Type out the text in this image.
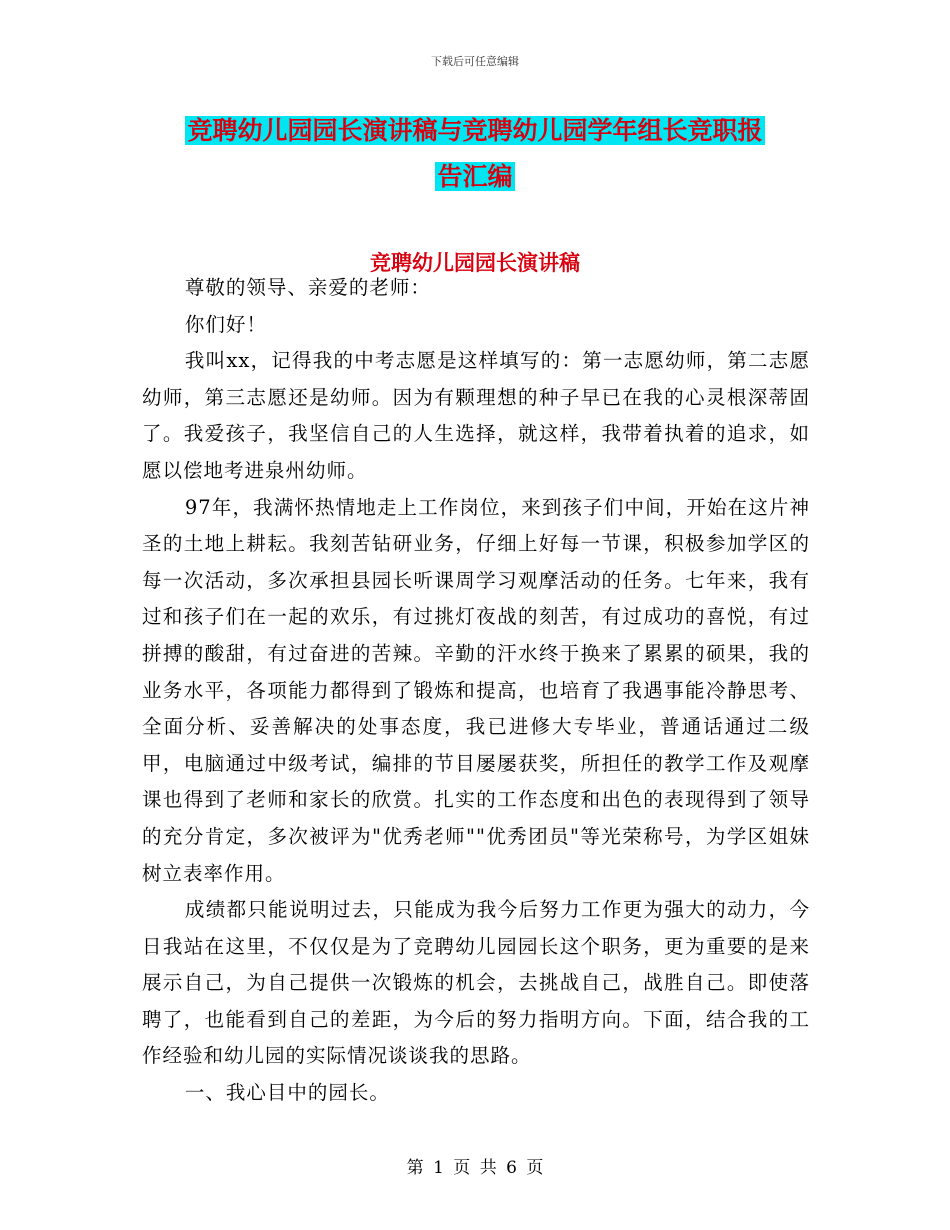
下载后可任意编辑
竞聘幼儿园园长演讲稿与竞聘幼儿园学年组长竞职报
告汇编
竞聘幼儿园园长演讲稿

尊敬的领导、亲爱的老师：

你们好！

我叫xx，记得我的中考志愿是这样填写的：第一志愿幼师，第二志愿幼师，第三志愿还是幼师。因为有颗理想的种子早已在我的心灵根深蒂固了。我爱孩子，我坚信自己的人生选择，就这样，我带着执着的追求，如愿以偿地考进泉州幼师。

97年，我满怀热情地走上工作岗位，来到孩子们中间，开始在这片神圣的土地上耕耘。我刻苦钻研业务，仔细上好每一节课，积极参加学区的每一次活动，多次承担县园长听课周学习观摩活动的任务。七年来，我有过和孩子们在一起的欢乐，有过挑灯夜战的刻苦，有过成功的喜悦，有过拼搏的酸甜，有过奋进的苦辣。辛勤的汗水终于换来了累累的硕果，我的业务水平，各项能力都得到了锻炼和提高，也培育了我遇事能冷静思考、全面分析、妥善解决的处事态度，我已进修大专毕业，普通话通过二级甲，电脑通过中级考试，编排的节目屡屡获奖，所担任的教学工作及观摩课也得到了老师和家长的欣赏。扎实的工作态度和出色的表现得到了领导的充分肯定，多次被评为"优秀老师""优秀团员"等光荣称号，为学区姐妹树立表率作用。

成绩都只能说明过去，只能成为我今后努力工作更为强大的动力，今日我站在这里，不仅仅是为了竞聘幼儿园园长这个职务，更为重要的是来展示自己，为自己提供一次锻炼的机会，去挑战自己，战胜自己。即使落聘了，也能看到自己的差距，为今后的努力指明方向。下面，结合我的工作经验和幼儿园的实际情况谈谈我的思路。

一、我心目中的园长。

第 1 页 共 6 页
